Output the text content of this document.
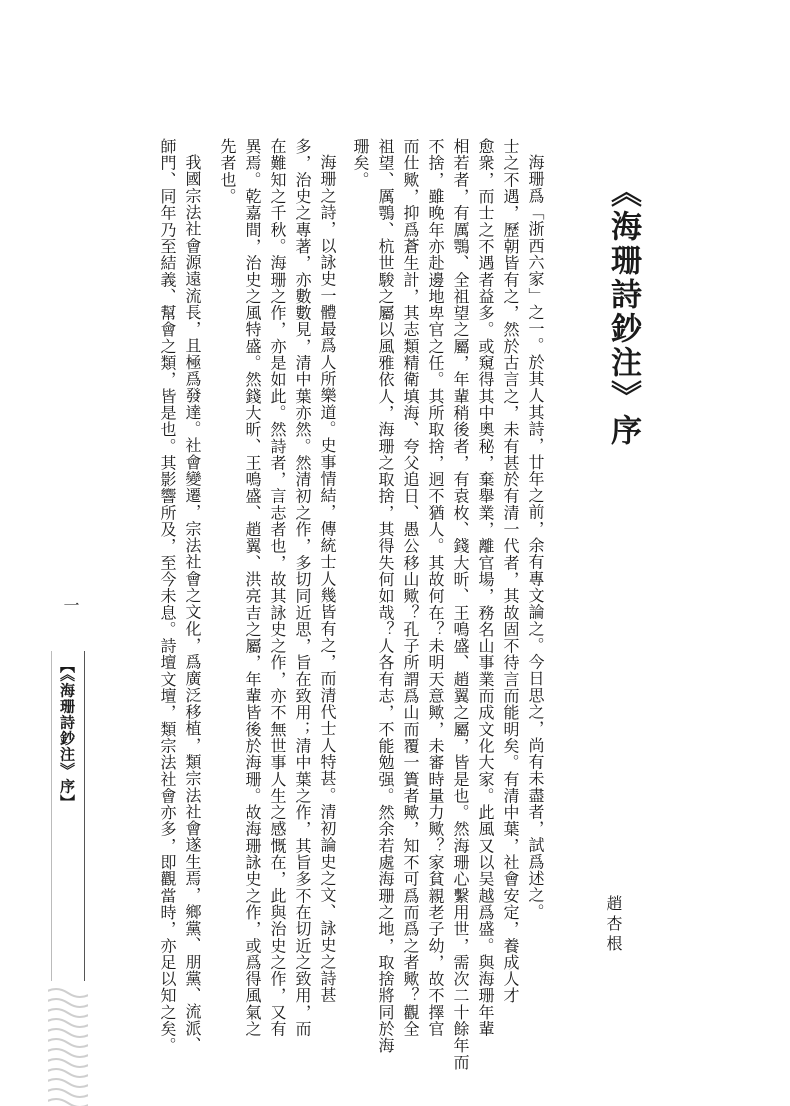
《海珊詩鈔注》序
趙杏根
海珊爲「浙西六家」之一。於其人其詩，廿年之前，余有專文論之。今日思之，尚有未盡者，試爲述之。
士之不遇，歷朝皆有之，然於古言之，未有甚於有清一代者，其故固不待言而能明矣。有清中葉，社會安定，養成人才
愈衆，而士之不遇者益多。或窺得其中奧秘，棄舉業，離官場，務名山事業而成文化大家。此風又以吴越爲盛。與海珊年輩
相若者，有厲鶚、全祖望之屬，年輩稍後者，有袁枚、錢大昕、王鳴盛、趙翼之屬，皆是也。然海珊心繫用世，需次二十餘年而
不捨，雖晚年亦赴邊地卑官之任。其所取捨，迥不猶人。其故何在？未明天意歟，未審時量力歟？家貧親老子幼，故不擇官
而仕歟，抑爲蒼生計，其志類精衛填海、夸父追日、愚公移山歟？孔子所謂爲山而覆一簣者歟，知不可爲而爲之者歟？觀全
祖望、厲鶚、杭世駿之屬以風雅依人，海珊之取捨，其得失何如哉？人各有志，不能勉强。然余若處海珊之地，取捨將同於海
珊矣。
海珊之詩，以詠史一體最爲人所樂道。史事情結，傳統士人幾皆有之，而清代士人特甚。清初論史之文、詠史之詩甚
多，治史之專著，亦數數見，清中葉亦然。然清初之作，多切同近思，旨在致用；清中葉之作，其旨多不在切近之致用，而
在難知之千秋。海珊之作，亦是如此。然詩者，言志者也，故其詠史之作，亦不無世事人生之感慨在，此與治史之作，又有
異焉。乾嘉間，治史之風特盛。然錢大昕、王鳴盛、趙翼、洪亮吉之屬，年輩皆後於海珊。故海珊詠史之作，或爲得風氣之
先者也。
我國宗法社會源遠流長，且極爲發達。社會變遷，宗法社會之文化，爲廣泛移植，類宗法社會遂生焉，鄉黨、朋黨、流派、
師門、同年乃至結義、幫會之類，皆是也。其影響所及，至今未息。詩壇文壇，類宗法社會亦多，即觀當時，亦足以知之矣。
一
【《海珊詩鈔注》序】
